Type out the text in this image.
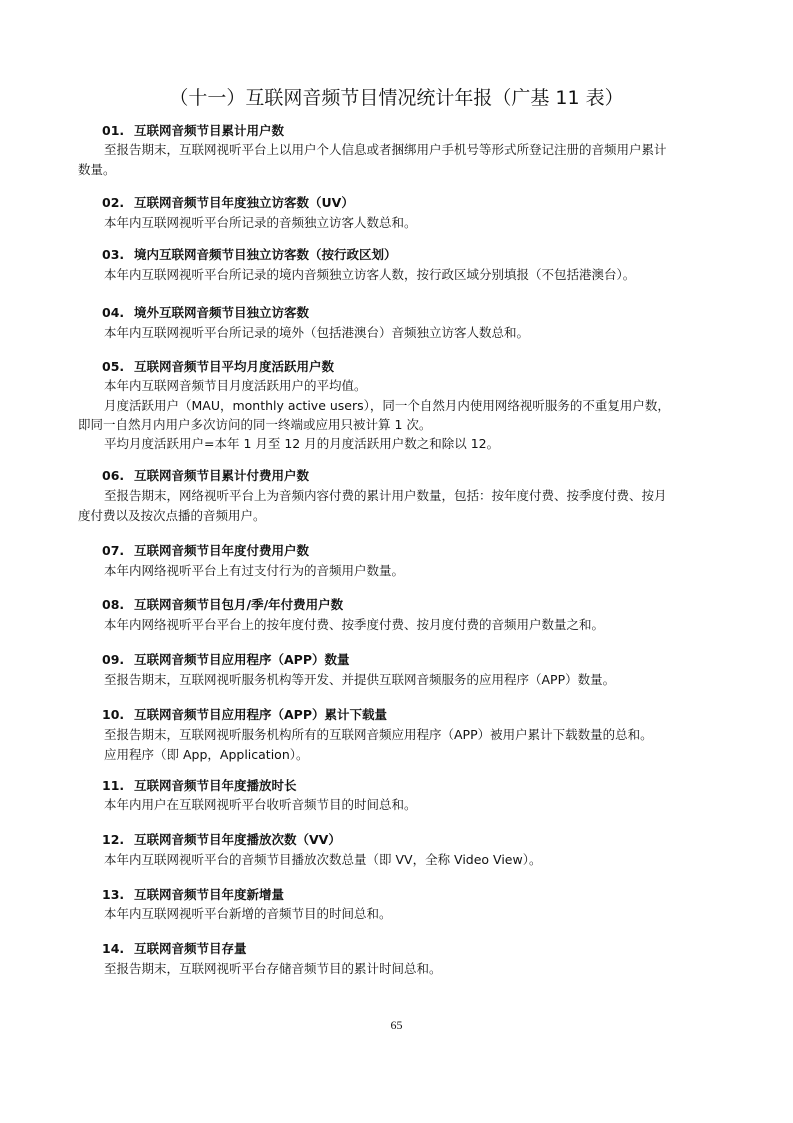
（十一）互联网音频节目情况统计年报（广基 11 表）
01. 互联网音频节目累计用户数
至报告期末，互联网视听平台上以用户个人信息或者捆绑用户手机号等形式所登记注册的音频用户累计
数量。
02. 互联网音频节目年度独立访客数（UV）
本年内互联网视听平台所记录的音频独立访客人数总和。
03. 境内互联网音频节目独立访客数（按行政区划）
本年内互联网视听平台所记录的境内音频独立访客人数，按行政区域分别填报（不包括港澳台）。
04. 境外互联网音频节目独立访客数
本年内互联网视听平台所记录的境外（包括港澳台）音频独立访客人数总和。
05. 互联网音频节目平均月度活跃用户数
本年内互联网音频节目月度活跃用户的平均值。
月度活跃用户（MAU，monthly active users），同一个自然月内使用网络视听服务的不重复用户数，
即同一自然月内用户多次访问的同一终端或应用只被计算 1 次。
平均月度活跃用户=本年 1 月至 12 月的月度活跃用户数之和除以 12。
06. 互联网音频节目累计付费用户数
至报告期末，网络视听平台上为音频内容付费的累计用户数量，包括：按年度付费、按季度付费、按月
度付费以及按次点播的音频用户。
07. 互联网音频节目年度付费用户数
本年内网络视听平台上有过支付行为的音频用户数量。
08. 互联网音频节目包月/季/年付费用户数
本年内网络视听平台平台上的按年度付费、按季度付费、按月度付费的音频用户数量之和。
09. 互联网音频节目应用程序（APP）数量
至报告期末，互联网视听服务机构等开发、并提供互联网音频服务的应用程序（APP）数量。
10. 互联网音频节目应用程序（APP）累计下载量
至报告期末，互联网视听服务机构所有的互联网音频应用程序（APP）被用户累计下载数量的总和。
应用程序（即 App，Application）。
11. 互联网音频节目年度播放时长
本年内用户在互联网视听平台收听音频节目的时间总和。
12. 互联网音频节目年度播放次数（VV）
本年内互联网视听平台的音频节目播放次数总量（即 VV，全称 Video View）。
13. 互联网音频节目年度新增量
本年内互联网视听平台新增的音频节目的时间总和。
14. 互联网音频节目存量
至报告期末，互联网视听平台存储音频节目的累计时间总和。
65
